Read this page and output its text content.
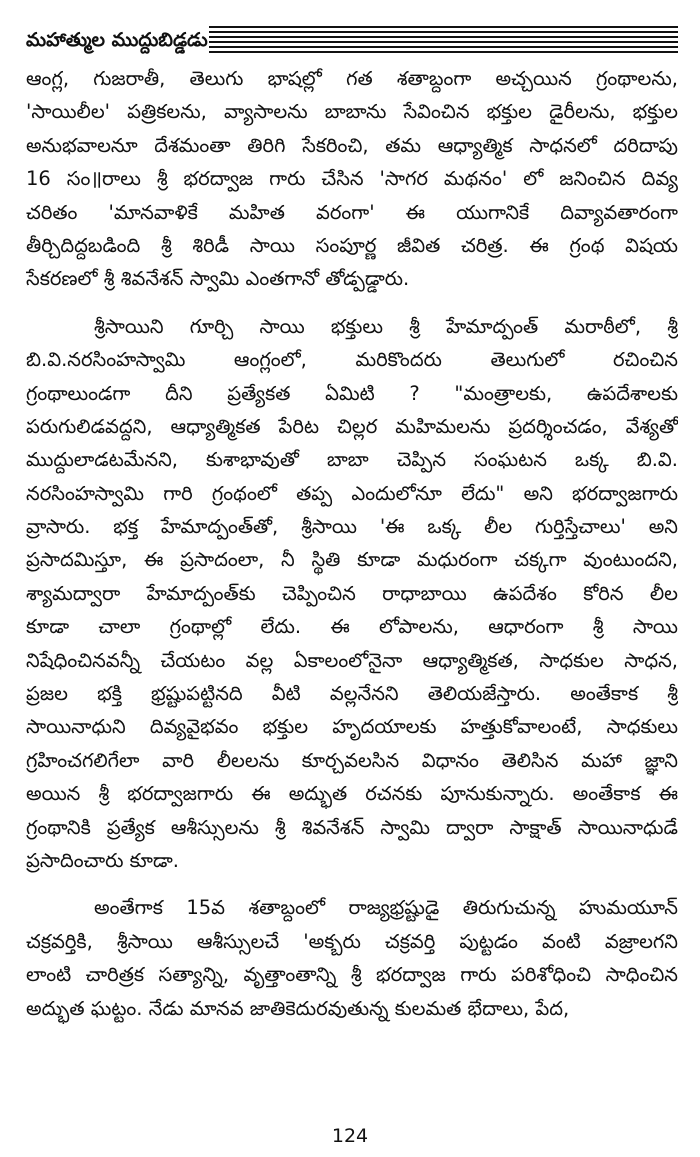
మహాత్ముల ముద్దుబిడ్డడు
ఆంగ్ల, గుజరాతీ, తెలుగు భాషల్లో గత శతాబ్దంగా అచ్చయిన గ్రంథాలను,
'సాయిలీల' పత్రికలను, వ్యాసాలను బాబాను సేవించిన భక్తుల డైరీలను, భక్తుల
అనుభవాలనూ దేశమంతా తిరిగి సేకరించి, తమ ఆధ్యాత్మిక సాధనలో దరిదాపు
16 సం॥రాలు శ్రీ భరద్వాజ గారు చేసిన 'సాగర మథనం' లో జనించిన దివ్య
చరితం 'మానవాళికే మహిత వరంగా' ఈ యుగానికే దివ్యావతారంగా
తీర్చిదిద్దబడింది శ్రీ శిరిడీ సాయి సంపూర్ణ జీవిత చరిత్ర. ఈ గ్రంథ విషయ
సేకరణలో శ్రీ శివనేశన్ స్వామి ఎంతగానో తోడ్పడ్డారు.
శ్రీసాయిని గూర్చి సాయి భక్తులు శ్రీ హేమాద్పంత్ మరాఠీలో, శ్రీ
బి.వి.నరసింహస్వామి ఆంగ్లంలో, మరికొందరు తెలుగులో రచించిన
గ్రంథాలుండగా దీని ప్రత్యేకత ఏమిటి ? "మంత్రాలకు, ఉపదేశాలకు
పరుగులిడవద్దని, ఆధ్యాత్మికత పేరిట చిల్లర మహిమలను ప్రదర్శించడం, వేశ్యతో
ముద్దులాడటమేనని, కుశాభావుతో బాబా చెప్పిన సంఘటన ఒక్క బి.వి.
నరసింహస్వామి గారి గ్రంథంలో తప్ప ఎందులోనూ లేదు" అని భరద్వాజగారు
వ్రాసారు. భక్త హేమాద్పంత్‌తో, శ్రీసాయి 'ఈ ఒక్క లీల గుర్తిస్తేచాలు' అని
ప్రసాదమిస్తూ, ఈ ప్రసాదంలా, నీ స్థితి కూడా మధురంగా చక్కగా వుంటుందని,
శ్యామద్వారా హేమాద్పంత్‌కు చెప్పించిన రాధాబాయి ఉపదేశం కోరిన లీల
కూడా చాలా గ్రంథాల్లో లేదు. ఈ లోపాలను, ఆధారంగా శ్రీ సాయి
నిషేధించినవన్నీ చేయటం వల్ల ఏకాలంలోనైనా ఆధ్యాత్మికత, సాధకుల సాధన,
ప్రజల భక్తి భ్రష్టుపట్టినది వీటి వల్లనేనని తెలియజేస్తారు. అంతేకాక శ్రీ
సాయినాధుని దివ్యవైభవం భక్తుల హృదయాలకు హత్తుకోవాలంటే, సాధకులు
గ్రహించగలిగేలా వారి లీలలను కూర్చవలసిన విధానం తెలిసిన మహా జ్ఞాని
అయిన శ్రీ భరద్వాజగారు ఈ అద్భుత రచనకు పూనుకున్నారు. అంతేకాక ఈ
గ్రంథానికి ప్రత్యేక ఆశీస్సులను శ్రీ శివనేశన్ స్వామి ద్వారా సాక్షాత్ సాయినాధుడే
ప్రసాదించారు కూడా.
అంతేగాక 15వ శతాబ్దంలో రాజ్యభ్రష్టుడై తిరుగుచున్న హుమయూన్
చక్రవర్తికి, శ్రీసాయి ఆశీస్సులచే 'అక్బరు చక్రవర్తి పుట్టడం వంటి వజ్రాలగని
లాంటి చారిత్రక సత్యాన్ని, వృత్తాంతాన్ని శ్రీ భరద్వాజ గారు పరిశోధించి సాధించిన
అద్భుత ఘట్టం. నేడు మానవ జాతికెదురవుతున్న కులమత భేదాలు, పేద,
124
